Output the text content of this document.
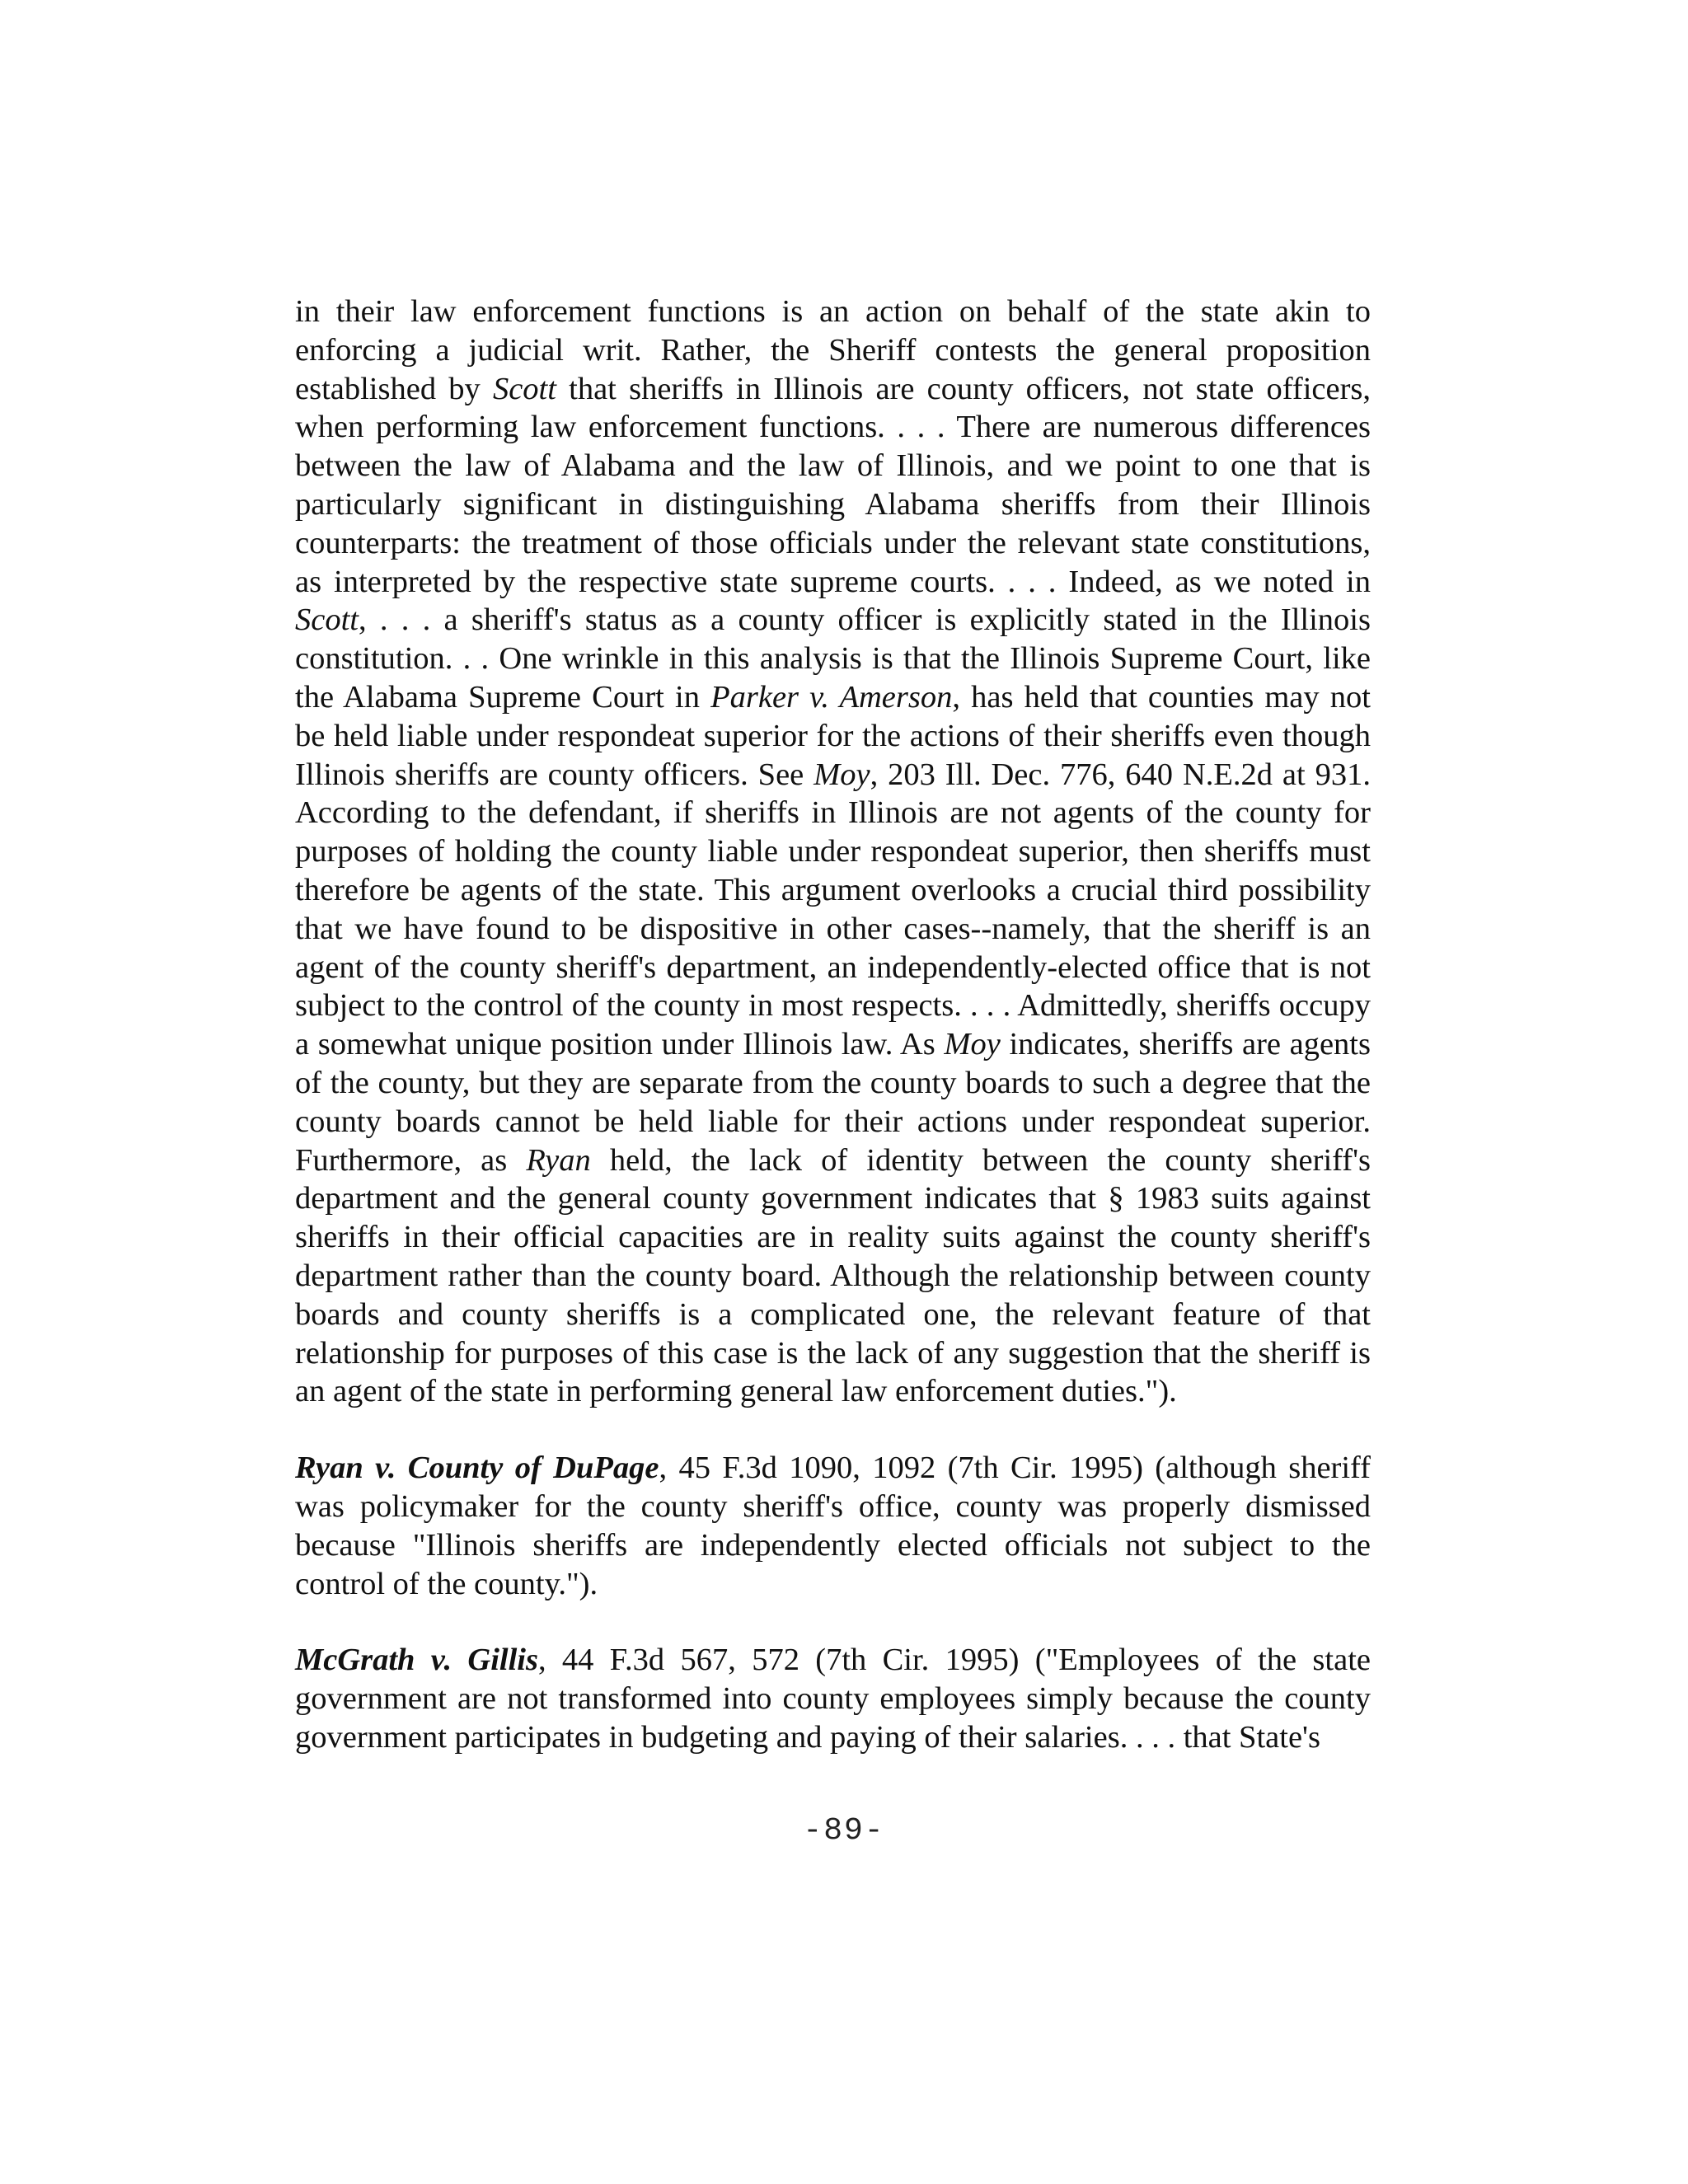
in their law enforcement functions is an action on behalf of the state akin to enforcing a judicial writ. Rather, the Sheriff contests the general proposition established by Scott that sheriffs in Illinois are county officers, not state officers, when performing law enforcement functions. . . . There are numerous differences between the law of Alabama and the law of Illinois, and we point to one that is particularly significant in distinguishing Alabama sheriffs from their Illinois counterparts: the treatment of those officials under the relevant state constitutions, as interpreted by the respective state supreme courts. . . . Indeed, as we noted in Scott, . . . a sheriff's status as a county officer is explicitly stated in the Illinois constitution. . . One wrinkle in this analysis is that the Illinois Supreme Court, like the Alabama Supreme Court in Parker v. Amerson, has held that counties may not be held liable under respondeat superior for the actions of their sheriffs even though Illinois sheriffs are county officers. See Moy, 203 Ill. Dec. 776, 640 N.E.2d at 931. According to the defendant, if sheriffs in Illinois are not agents of the county for purposes of holding the county liable under respondeat superior, then sheriffs must therefore be agents of the state. This argument overlooks a crucial third possibility that we have found to be dispositive in other cases--namely, that the sheriff is an agent of the county sheriff's department, an independently-elected office that is not subject to the control of the county in most respects. . . . Admittedly, sheriffs occupy a somewhat unique position under Illinois law. As Moy indicates, sheriffs are agents of the county, but they are separate from the county boards to such a degree that the county boards cannot be held liable for their actions under respondeat superior. Furthermore, as Ryan held, the lack of identity between the county sheriff's department and the general county government indicates that § 1983 suits against sheriffs in their official capacities are in reality suits against the county sheriff's department rather than the county board. Although the relationship between county boards and county sheriffs is a complicated one, the relevant feature of that relationship for purposes of this case is the lack of any suggestion that the sheriff is an agent of the state in performing general law enforcement duties.").

Ryan v. County of DuPage, 45 F.3d 1090, 1092 (7th Cir. 1995) (although sheriff was policymaker for the county sheriff's office, county was properly dismissed because "Illinois sheriffs are independently elected officials not subject to the control of the county.").

McGrath v. Gillis, 44 F.3d 567, 572 (7th Cir. 1995) ("Employees of the state government are not transformed into county employees simply because the county government participates in budgeting and paying of their salaries. . . . that State's

-89-
